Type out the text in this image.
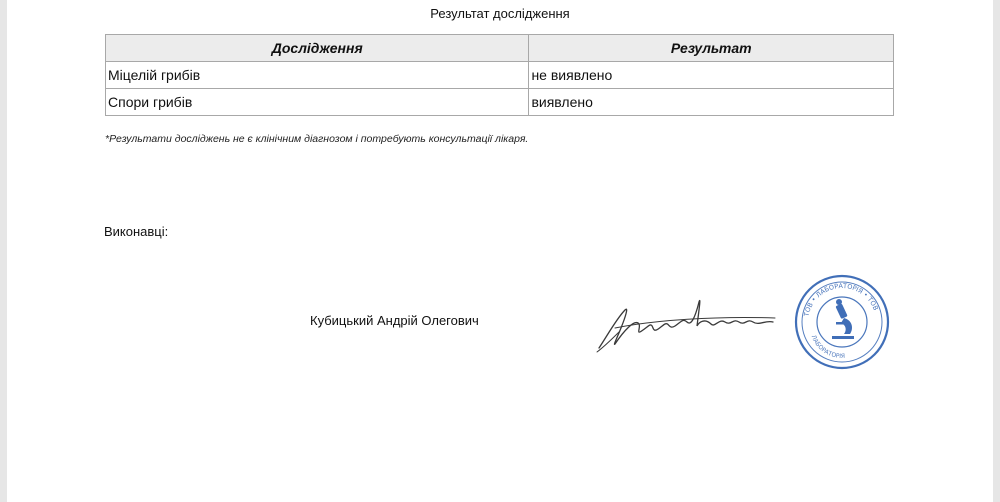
Результат дослідження
Дослідження	Результат
Міцелій грибів	не виявлено
Спори грибів	виявлено
*Результати досліджень не є клінічним діагнозом і потребують консультації лікаря.
Виконавці:
Кубицький Андрій Олегович	ТОВ • ЛАБОРАТОРІЯ • ТОВ
ЛАБОРАТОРІЯ
